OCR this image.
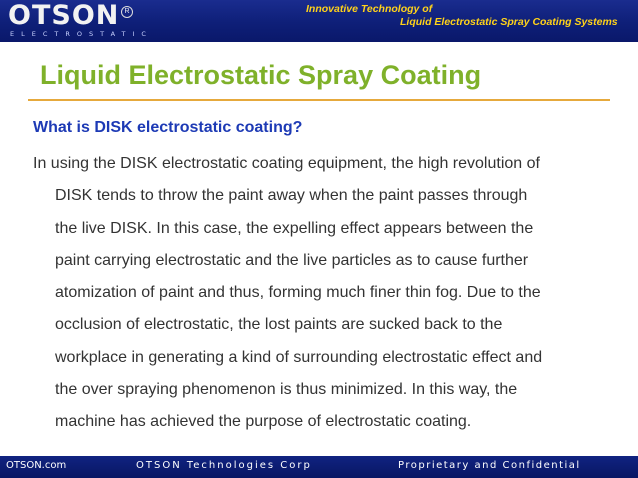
OTSON R
ELECTROSTATIC
Innovative Technology of
Liquid Electrostatic Spray Coating Systems
Liquid Electrostatic Spray Coating
What is DISK electrostatic coating?
In using the DISK electrostatic coating equipment, the high revolution of
DISK tends to throw the paint away when the paint passes through
the live DISK. In this case, the expelling effect appears between the
paint carrying electrostatic and the live particles as to cause further
atomization of paint and thus, forming much finer thin fog. Due to the
occlusion of electrostatic, the lost paints are sucked back to the
workplace in generating a kind of surrounding electrostatic effect and
the over spraying phenomenon is thus minimized. In this way, the
machine has achieved the purpose of electrostatic coating.
OTSON.com	OTSON Technologies Corp	Proprietary and Confidential
